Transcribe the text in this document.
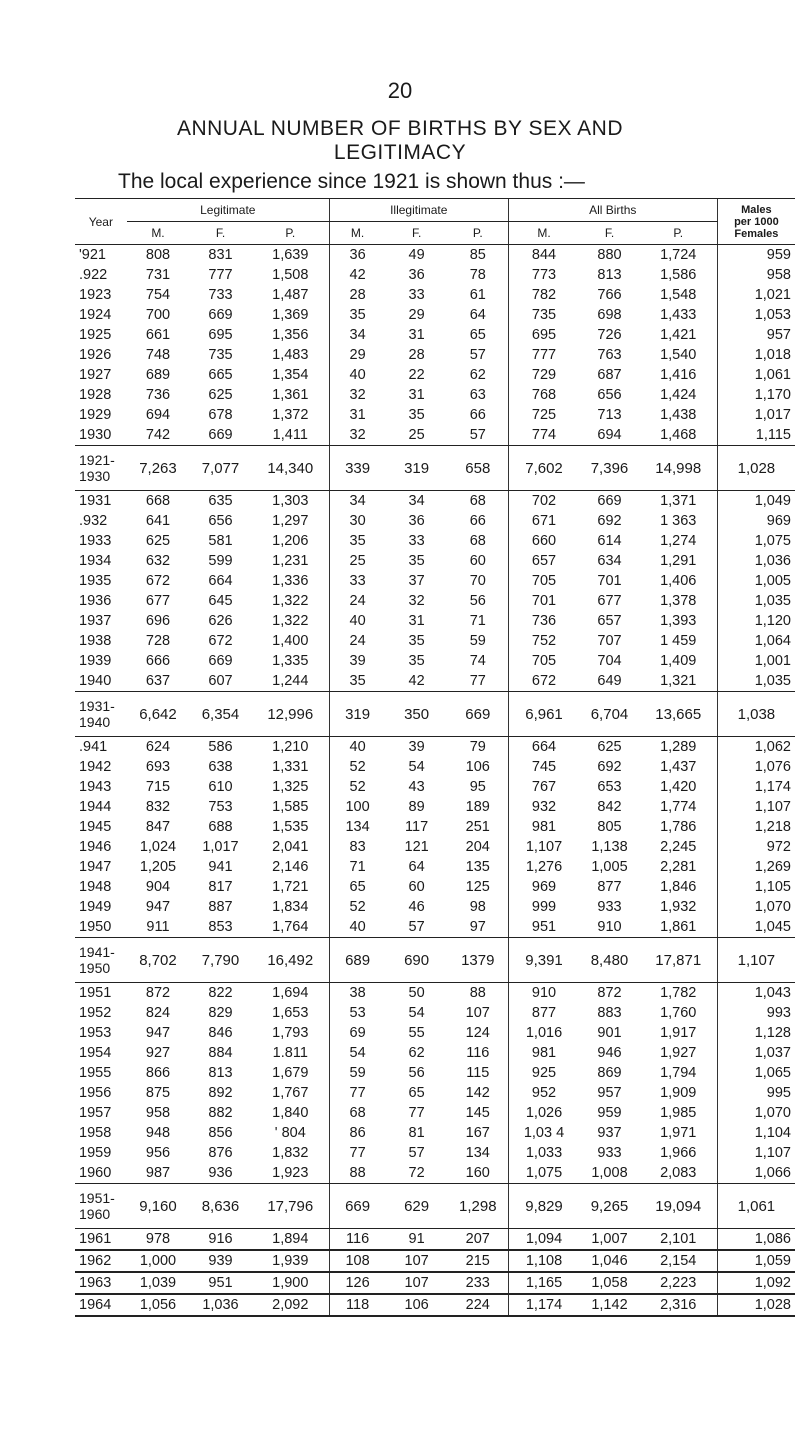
20
ANNUAL NUMBER OF BIRTHS BY SEX AND
LEGITIMACY
The local experience since 1921 is shown thus :—
Year	Legitimate			Illegitimate			All Births			Males
per 1000
Females

	M.	F.	P.	M.	F.	P.	M.	F.	P.	
'921	808	831	1,639	36	49	85	844	880	1,724	959
.922	731	777	1,508	42	36	78	773	813	1,586	958
1923	754	733	1,487	28	33	61	782	766	1,548	1,021
1924	700	669	1,369	35	29	64	735	698	1,433	1,053
1925	661	695	1,356	34	31	65	695	726	1,421	957
1926	748	735	1,483	29	28	57	777	763	1,540	1,018
1927	689	665	1,354	40	22	62	729	687	1,416	1,061
1928	736	625	1,361	32	31	63	768	656	1,424	1,170
1929	694	678	1,372	31	35	66	725	713	1,438	1,017
1930	742	669	1,411	32	25	57	774	694	1,468	1,115

1921-
1930	7,263	7,077	14,340	339	319	658	7,602	7,396	14,998	1,028
1931	668	635	1,303	34	34	68	702	669	1,371	1,049
.932	641	656	1,297	30	36	66	671	692	1 363	969
1933	625	581	1,206	35	33	68	660	614	1,274	1,075
1934	632	599	1,231	25	35	60	657	634	1,291	1,036
1935	672	664	1,336	33	37	70	705	701	1,406	1,005
1936	677	645	1,322	24	32	56	701	677	1,378	1,035
1937	696	626	1,322	40	31	71	736	657	1,393	1,120
1938	728	672	1,400	24	35	59	752	707	1 459	1,064
1939	666	669	1,335	39	35	74	705	704	1,409	1,001
1940	637	607	1,244	35	42	77	672	649	1,321	1,035

1931-
1940	6,642	6,354	12,996	319	350	669	6,961	6,704	13,665	1,038
.941	624	586	1,210	40	39	79	664	625	1,289	1,062
1942	693	638	1,331	52	54	106	745	692	1,437	1,076
1943	715	610	1,325	52	43	95	767	653	1,420	1,174
1944	832	753	1,585	100	89	189	932	842	1,774	1,107
1945	847	688	1,535	134	117	251	981	805	1,786	1,218
1946	1,024	1,017	2,041	83	121	204	1,107	1,138	2,245	972
1947	1,205	941	2,146	71	64	135	1,276	1,005	2,281	1,269
1948	904	817	1,721	65	60	125	969	877	1,846	1,105
1949	947	887	1,834	52	46	98	999	933	1,932	1,070
1950	911	853	1,764	40	57	97	951	910	1,861	1,045

1941-
1950	8,702	7,790	16,492	689	690	1379	9,391	8,480	17,871	1,107
1951	872	822	1,694	38	50	88	910	872	1,782	1,043
1952	824	829	1,653	53	54	107	877	883	1,760	993
1953	947	846	1,793	69	55	124	1,016	901	1,917	1,128
1954	927	884	1.811	54	62	116	981	946	1,927	1,037
1955	866	813	1,679	59	56	115	925	869	1,794	1,065
1956	875	892	1,767	77	65	142	952	957	1,909	995
1957	958	882	1,840	68	77	145	1,026	959	1,985	1,070
1958	948	856	' 804	86	81	167	1,03 4	937	1,971	1,104
1959	956	876	1,832	77	57	134	1,033	933	1,966	1,107
1960	987	936	1,923	88	72	160	1,075	1,008	2,083	1,066

1951-
1960	9,160	8,636	17,796	669	629	1,298	9,829	9,265	19,094	1,061
1961	978	916	1,894	116	91	207	1,094	1,007	2,101	1,086
1962	1,000	939	1,939	108	107	215	1,108	1,046	2,154	1,059
1963	1,039	951	1,900	126	107	233	1,165	1,058	2,223	1,092
1964	1,056	1,036	2,092	118	106	224	1,174	1,142	2,316	1,028
